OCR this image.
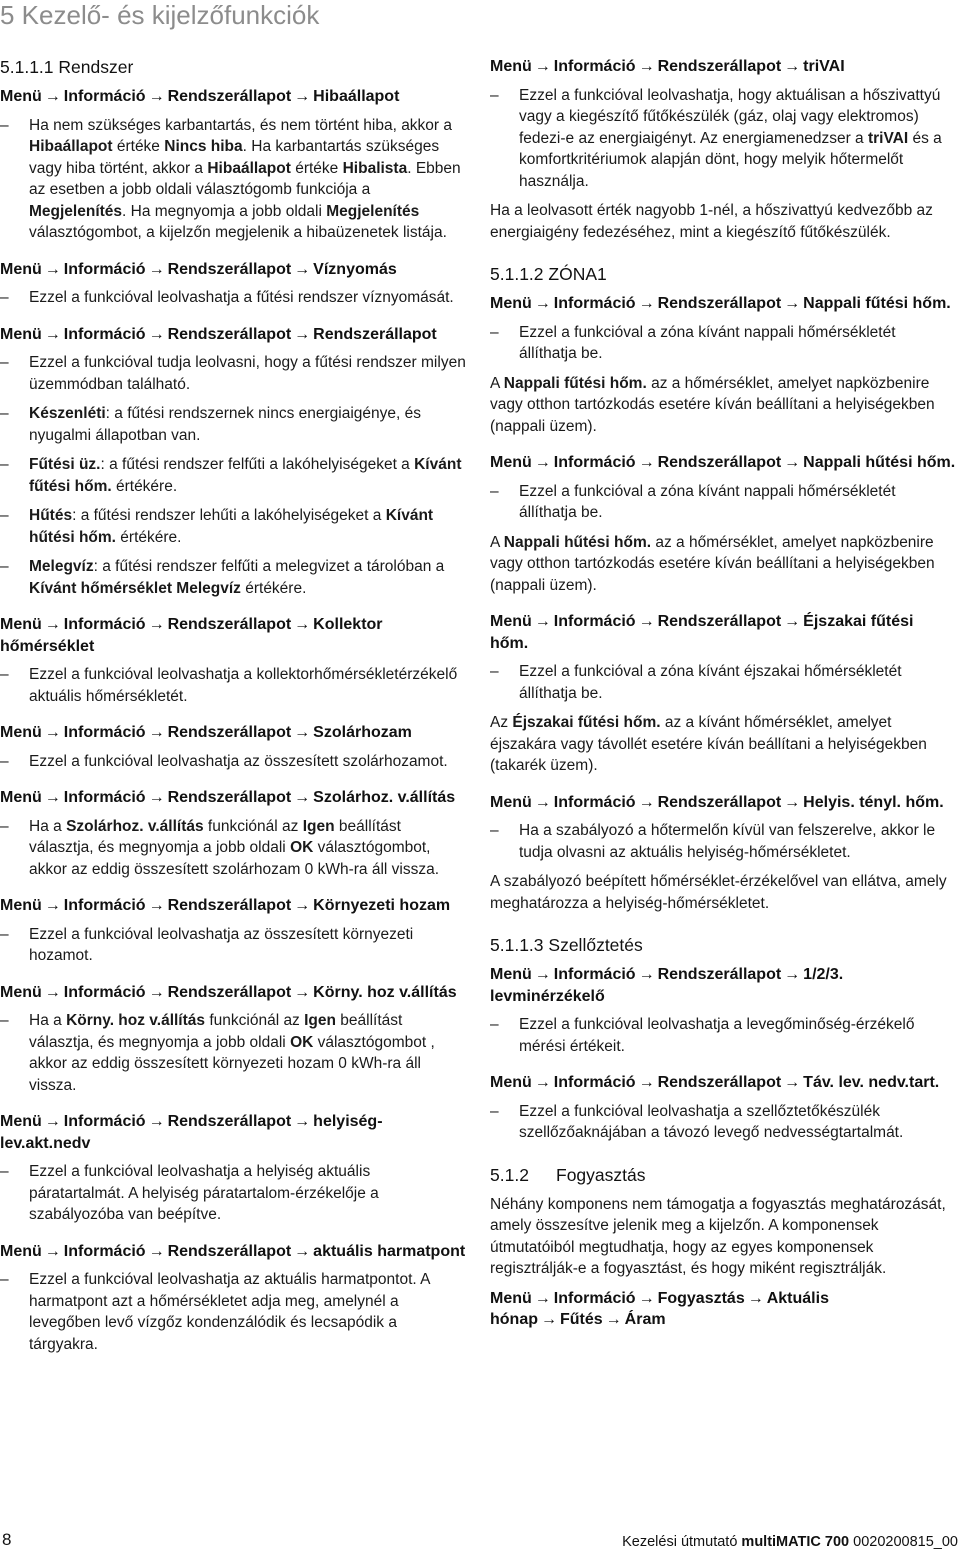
5 Kezelő- és kijelzőfunkciók
5.1.1.1 Rendszer
Menü → Információ → Rendszerállapot → Hibaállapot
– Ha nem szükséges karbantartás, és nem történt hiba, akkor a Hibaállapot értéke Nincs hiba. Ha karbantartás szükséges vagy hiba történt, akkor a Hibaállapot értéke Hibalista. Ebben az esetben a jobb oldali választógomb funkciója a Megjelenítés. Ha megnyomja a jobb oldali Megjelenítés választógombot, a kijelzőn megjelenik a hibaüzenetek listája.
Menü → Információ → Rendszerállapot → Víznyomás
– Ezzel a funkcióval leolvashatja a fűtési rendszer víznyomását.
Menü → Információ → Rendszerállapot → Rendszerállapot
– Ezzel a funkcióval tudja leolvasni, hogy a fűtési rendszer milyen üzemmódban található.
– Készenléti: a fűtési rendszernek nincs energiaigénye, és nyugalmi állapotban van.
– Fűtési üz.: a fűtési rendszer felfűti a lakóhelyiségeket a Kívánt fűtési hőm. értékére.
– Hűtés: a fűtési rendszer lehűti a lakóhelyiségeket a Kívánt hűtési hőm. értékére.
– Melegvíz: a fűtési rendszer felfűti a melegvizet a tárolóban a Kívánt hőmérséklet Melegvíz értékére.
Menü → Információ → Rendszerállapot → Kollektor hőmérséklet
– Ezzel a funkcióval leolvashatja a kollektorhőmérsékletérzékelő aktuális hőmérsékletét.
Menü → Információ → Rendszerállapot → Szolárhozam
– Ezzel a funkcióval leolvashatja az összesített szolárhozamot.
Menü → Információ → Rendszerállapot → Szolárhoz. v.állítás
– Ha a Szolárhoz. v.állítás funkciónál az Igen beállítást választja, és megnyomja a jobb oldali OK választógombot, akkor az eddig összesített szolárhozam 0 kWh-ra áll vissza.
Menü → Információ → Rendszerállapot → Környezeti hozam
– Ezzel a funkcióval leolvashatja az összesített környezeti hozamot.
Menü → Információ → Rendszerállapot → Körny. hoz v.állítás
– Ha a Körny. hoz v.állítás funkciónál az Igen beállítást választja, és megnyomja a jobb oldali OK választógombot , akkor az eddig összesített környezeti hozam 0 kWh-ra áll vissza.
Menü → Információ → Rendszerállapot → helyiség-lev.akt.nedv
– Ezzel a funkcióval leolvashatja a helyiség aktuális páratartalmát. A helyiség páratartalom-érzékelője a szabályozóba van beépítve.
Menü → Információ → Rendszerállapot → aktuális harmatpont
– Ezzel a funkcióval leolvashatja az aktuális harmatpontot. A harmatpont azt a hőmérsékletet adja meg, amelynél a levegőben levő vízgőz kondenzálódik és lecsapódik a tárgyakra.
Menü → Információ → Rendszerállapot → triVAI
– Ezzel a funkcióval leolvashatja, hogy aktuálisan a hőszivattyú vagy a kiegészítő fűtőkészülék (gáz, olaj vagy elektromos) fedezi-e az energiaigényt. Az energiamenedzser a triVAI és a komfortkritériumok alapján dönt, hogy melyik hőtermelőt használja.
Ha a leolvasott érték nagyobb 1-nél, a hőszivattyú kedvezőbb az energiaigény fedezéséhez, mint a kiegészítő fűtőkészülék.
5.1.1.2 ZÓNA1
Menü → Információ → Rendszerállapot → Nappali fűtési hőm.
– Ezzel a funkcióval a zóna kívánt nappali hőmérsékletét állíthatja be.
A Nappali fűtési hőm. az a hőmérséklet, amelyet napközbenire vagy otthon tartózkodás esetére kíván beállítani a helyiségekben (nappali üzem).
Menü → Információ → Rendszerállapot → Nappali hűtési hőm.
– Ezzel a funkcióval a zóna kívánt nappali hőmérsékletét állíthatja be.
A Nappali hűtési hőm. az a hőmérséklet, amelyet napközbenire vagy otthon tartózkodás esetére kíván beállítani a helyiségekben (nappali üzem).
Menü → Információ → Rendszerállapot → Éjszakai fűtési hőm.
– Ezzel a funkcióval a zóna kívánt éjszakai hőmérsékletét állíthatja be.
Az Éjszakai fűtési hőm. az a kívánt hőmérséklet, amelyet éjszakára vagy távollét esetére kíván beállítani a helyiségekben (takarék üzem).
Menü → Információ → Rendszerállapot → Helyis. tényl. hőm.
– Ha a szabályozó a hőtermelőn kívül van felszerelve, akkor le tudja olvasni az aktuális helyiség-hőmérsékletet.
A szabályozó beépített hőmérséklet-érzékelővel van ellátva, amely meghatározza a helyiség-hőmérsékletet.
5.1.1.3 Szellőztetés
Menü → Információ → Rendszerállapot → 1/2/3. levminérzékelő
– Ezzel a funkcióval leolvashatja a levegőminőség-érzékelő mérési értékeit.
Menü → Információ → Rendszerállapot → Táv. lev. nedv.tart.
– Ezzel a funkcióval leolvashatja a szellőztetőkészülék szellőzőaknájában a távozó levegő nedvességtartalmát.
5.1.2 Fogyasztás
Néhány komponens nem támogatja a fogyasztás meghatározását, amely összesítve jelenik meg a kijelzőn. A komponensek útmutatóiból megtudhatja, hogy az egyes komponensek regisztrálják-e a fogyasztást, és hogy miként regisztrálják.
Menü → Információ → Fogyasztás → Aktuális hónap → Fűtés → Áram
8	Kezelési útmutató multiMATIC 700 0020200815_00
